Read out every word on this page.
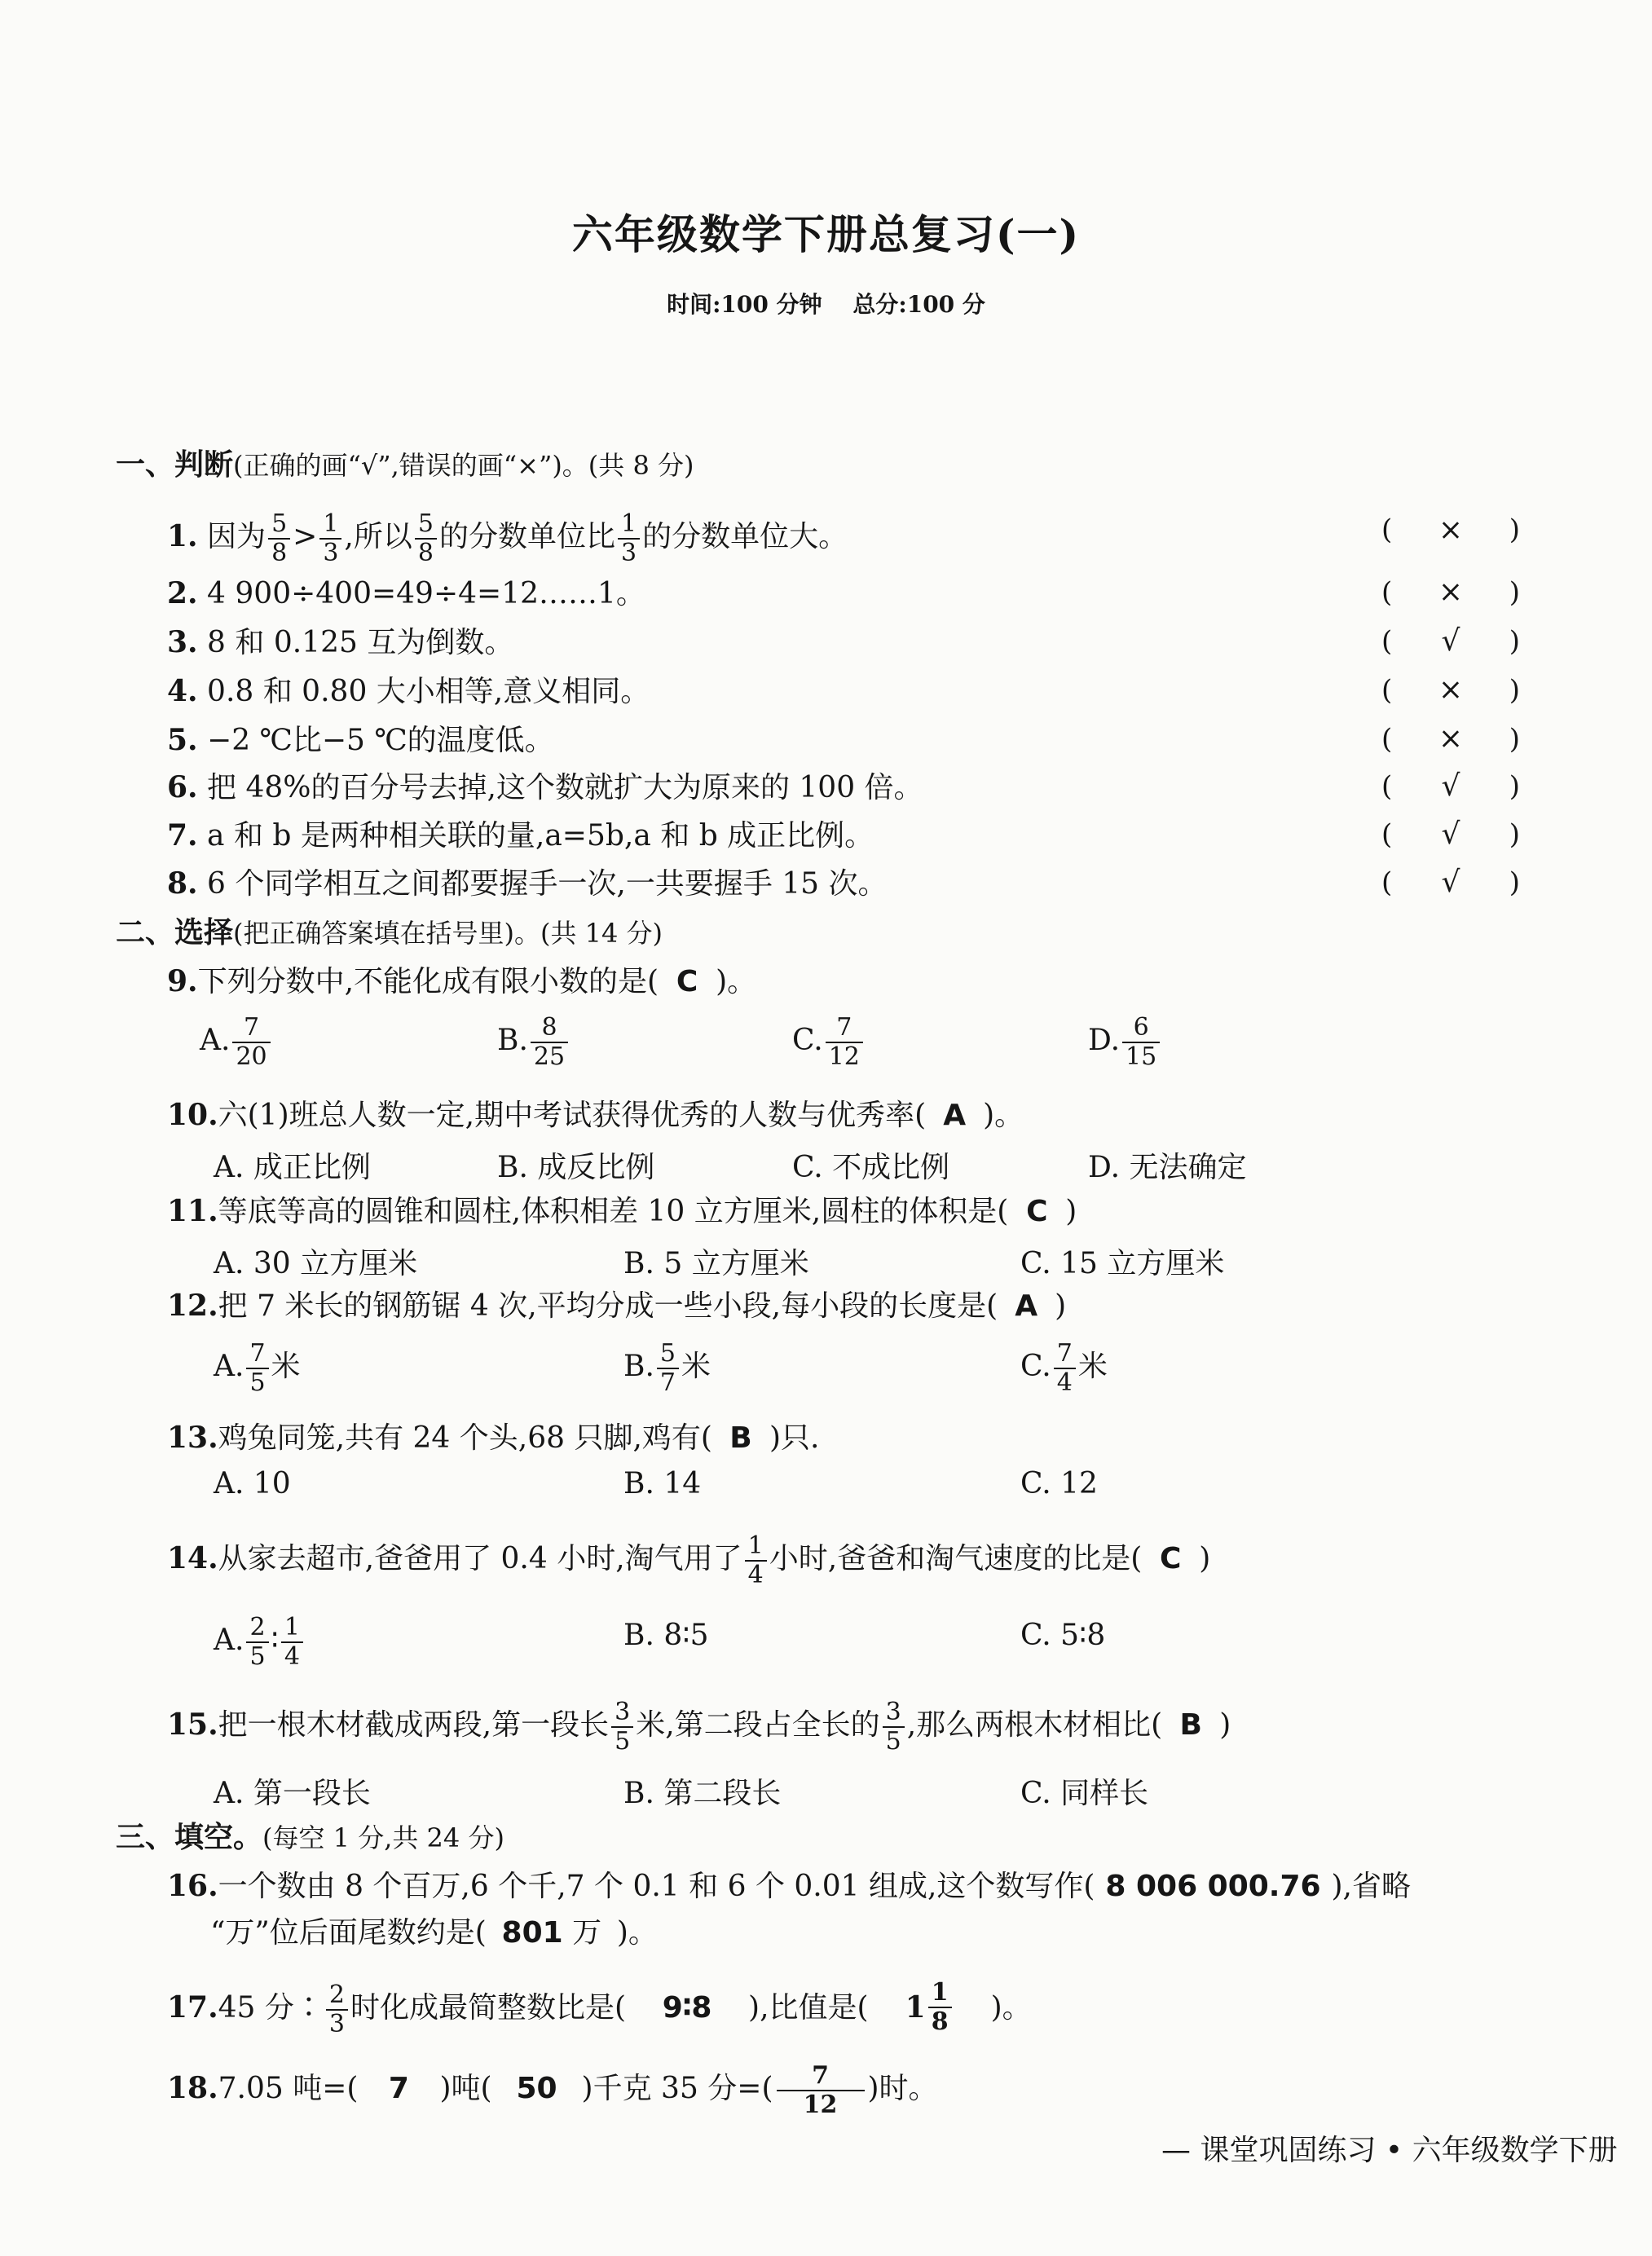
六年级数学下册总复习(一)
时间:100 分钟 总分:100 分
一、判断(正确的画“√”,错误的画“×”)。(共 8 分)
1. 因为 $\frac{5}{8} > \frac{1}{3}$ ,所以 $\frac{5}{8}$ 的分数单位比 $\frac{1}{3}$ 的分数单位大。	(	×	)
2. 4 900÷400=49÷4=12……1。	(	×	)
3. 8 和 0.125 互为倒数。	(	√	)
4. 0.8 和 0.80 大小相等,意义相同。	(	×	)
5. −2 ℃比−5 ℃的温度低。	(	×	)
6. 把 48%的百分号去掉,这个数就扩大为原来的 100 倍。	(	√	)
7. a 和 b 是两种相关联的量,a=5b,a 和 b 成正比例。	(	√	)
8. 6 个同学相互之间都要握手一次,一共要握手 15 次。	(	√	)
二、选择(把正确答案填在括号里)。(共 14 分)
9.下列分数中,不能化成有限小数的是( C )。
A. $\frac{7}{20}$	B. $\frac{8}{25}$	C. $\frac{7}{12}$	D. $\frac{6}{15}$
10.六(1)班总人数一定,期中考试获得优秀的人数与优秀率( A )。
A. 成正比例	B. 成反比例	C. 不成比例	D. 无法确定
11.等底等高的圆锥和圆柱,体积相差 10 立方厘米,圆柱的体积是( C )
A. 30 立方厘米	B. 5 立方厘米	C. 15 立方厘米
12.把 7 米长的钢筋锯 4 次,平均分成一些小段,每小段的长度是( A )
A. $\frac{7}{5}$ 米	B. $\frac{5}{7}$ 米	C. $\frac{7}{4}$ 米
13.鸡兔同笼,共有 24 个头,68 只脚,鸡有( B )只.
A. 10	B. 14	C. 12
14.从家去超市,爸爸用了 0.4 小时,淘气用了 $\frac{1}{4}$ 小时,爸爸和淘气速度的比是( C )
A. $\frac{2}{5}$ ∶ $\frac{1}{4}$	B. 8∶5	C. 5∶8
15.把一根木材截成两段,第一段长 $\frac{3}{5}$ 米,第二段占全长的 $\frac{3}{5}$ ,那么两根木材相比( B )
A. 第一段长	B. 第二段长	C. 同样长
三、填空。(每空 1 分,共 24 分)
16.一个数由 8 个百万,6 个千,7 个 0.1 和 6 个 0.01 组成,这个数写作( 8 006 000.76 ),省略
“万”位后面尾数约是( 801 万 )。
17.45 分∶ $\frac{2}{3}$ 时化成最简整数比是( 9∶8 ),比值是( $1 \frac{1}{8}$ )。
18.7.05 吨=( 7 )吨( 50 )千克 35 分=( $\frac{7}{12}$ )时。
— 课堂巩固练习 • 六年级数学下册
